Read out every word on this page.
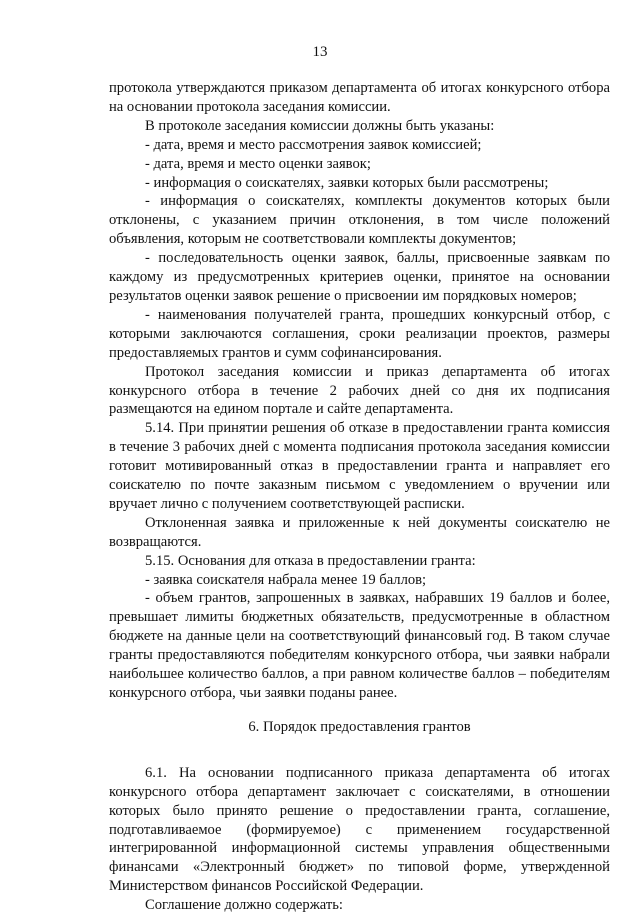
13

протокола утверждаются приказом департамента об итогах конкурсного отбора на основании протокола заседания комиссии.

В протоколе заседания комиссии должны быть указаны:

- дата, время и место рассмотрения заявок комиссией;

- дата, время и место оценки заявок;

- информация о соискателях, заявки которых были рассмотрены;

- информация о соискателях, комплекты документов которых были отклонены, с указанием причин отклонения, в том числе положений объявления, которым не соответствовали комплекты документов;

- последовательность оценки заявок, баллы, присвоенные заявкам по каждому из предусмотренных критериев оценки, принятое на основании результатов оценки заявок решение о присвоении им порядковых номеров;

- наименования получателей гранта, прошедших конкурсный отбор, с которыми заключаются соглашения, сроки реализации проектов, размеры предоставляемых грантов и сумм софинансирования.

Протокол заседания комиссии и приказ департамента об итогах конкурсного отбора в течение 2 рабочих дней со дня их подписания размещаются на едином портале и сайте департамента.

5.14. При принятии решения об отказе в предоставлении гранта комиссия в течение 3 рабочих дней с момента подписания протокола заседания комиссии готовит мотивированный отказ в предоставлении гранта и направляет его соискателю по почте заказным письмом с уведомлением о вручении или вручает лично с получением соответствующей расписки.

Отклоненная заявка и приложенные к ней документы соискателю не возвращаются.

5.15. Основания для отказа в предоставлении гранта:

- заявка соискателя набрала менее 19 баллов;

- объем грантов, запрошенных в заявках, набравших 19 баллов и более, превышает лимиты бюджетных обязательств, предусмотренные в областном бюджете на данные цели на соответствующий финансовый год. В таком случае гранты предоставляются победителям конкурсного отбора, чьи заявки набрали наибольшее количество баллов, а при равном количестве баллов – победителям конкурсного отбора, чьи заявки поданы ранее.

6. Порядок предоставления грантов

6.1. На основании подписанного приказа департамента об итогах конкурсного отбора департамент заключает с соискателями, в отношении которых было принято решение о предоставлении гранта, соглашение, подготавливаемое (формируемое) с применением государственной интегрированной информационной системы управления общественными финансами «Электронный бюджет» по типовой форме, утвержденной Министерством финансов Российской Федерации.

Соглашение должно содержать:
